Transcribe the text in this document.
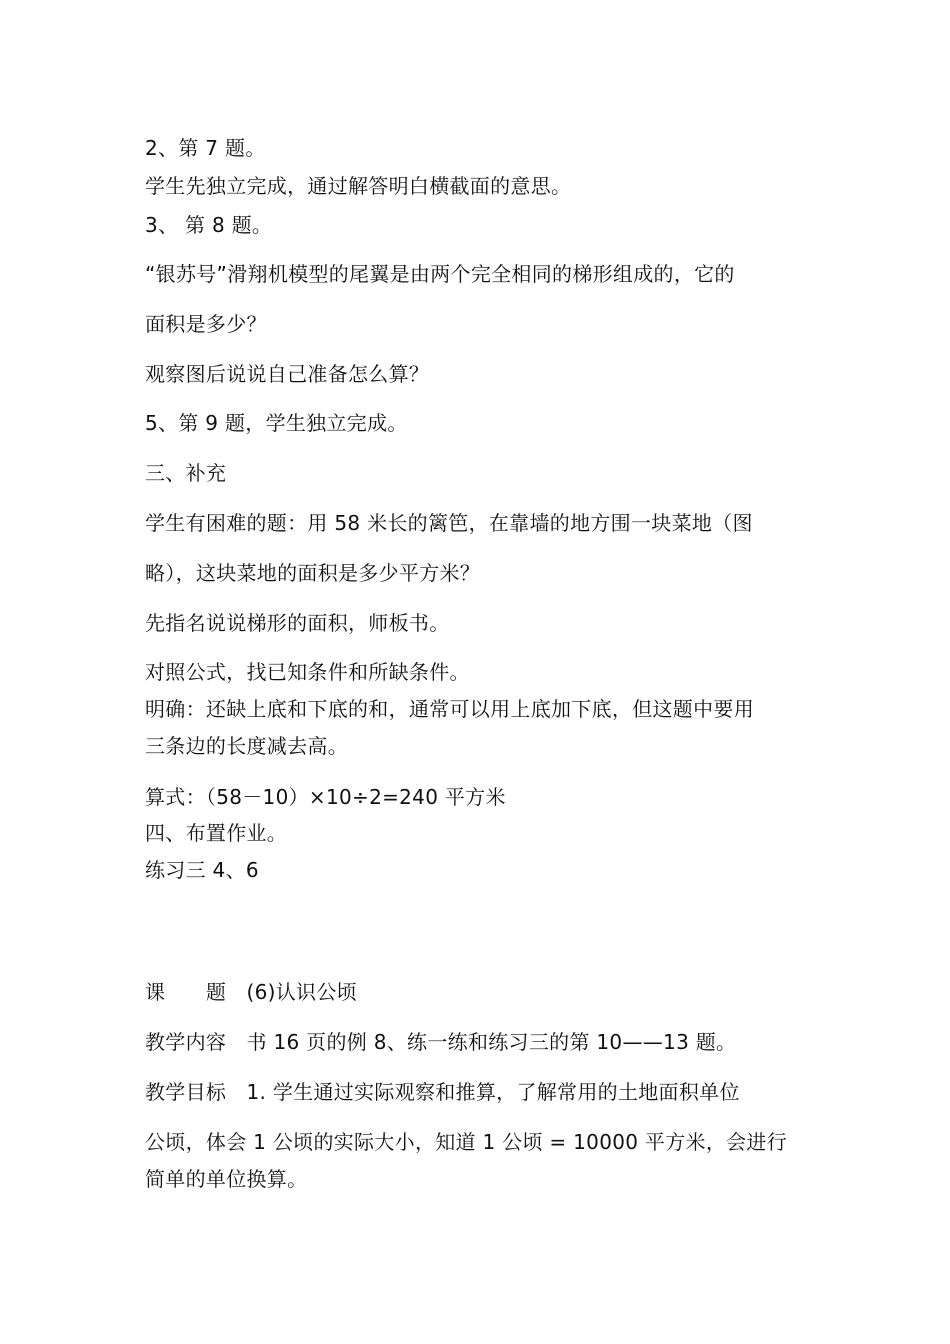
2、第 7 题。
学生先独立完成，通过解答明白横截面的意思。
3、 第 8 题。
“银苏号”滑翔机模型的尾翼是由两个完全相同的梯形组成的，它的
面积是多少？
观察图后说说自己准备怎么算？
5、第 9 题，学生独立完成。
三、补充
学生有困难的题：用 58 米长的篱笆，在靠墙的地方围一块菜地（图
略），这块菜地的面积是多少平方米？
先指名说说梯形的面积，师板书。
对照公式，找已知条件和所缺条件。
明确：还缺上底和下底的和，通常可以用上底加下底，但这题中要用
三条边的长度减去高。
算式：（58－10）×10÷2=240 平方米
四、布置作业。
练习三 4、6
课　　题　(6)认识公顷
教学内容　书 16 页的例 8、练一练和练习三的第 10——13 题。
教学目标　1. 学生通过实际观察和推算，了解常用的土地面积单位
公顷，体会 1 公顷的实际大小，知道 1 公顷 = 10000 平方米，会进行
简单的单位换算。
